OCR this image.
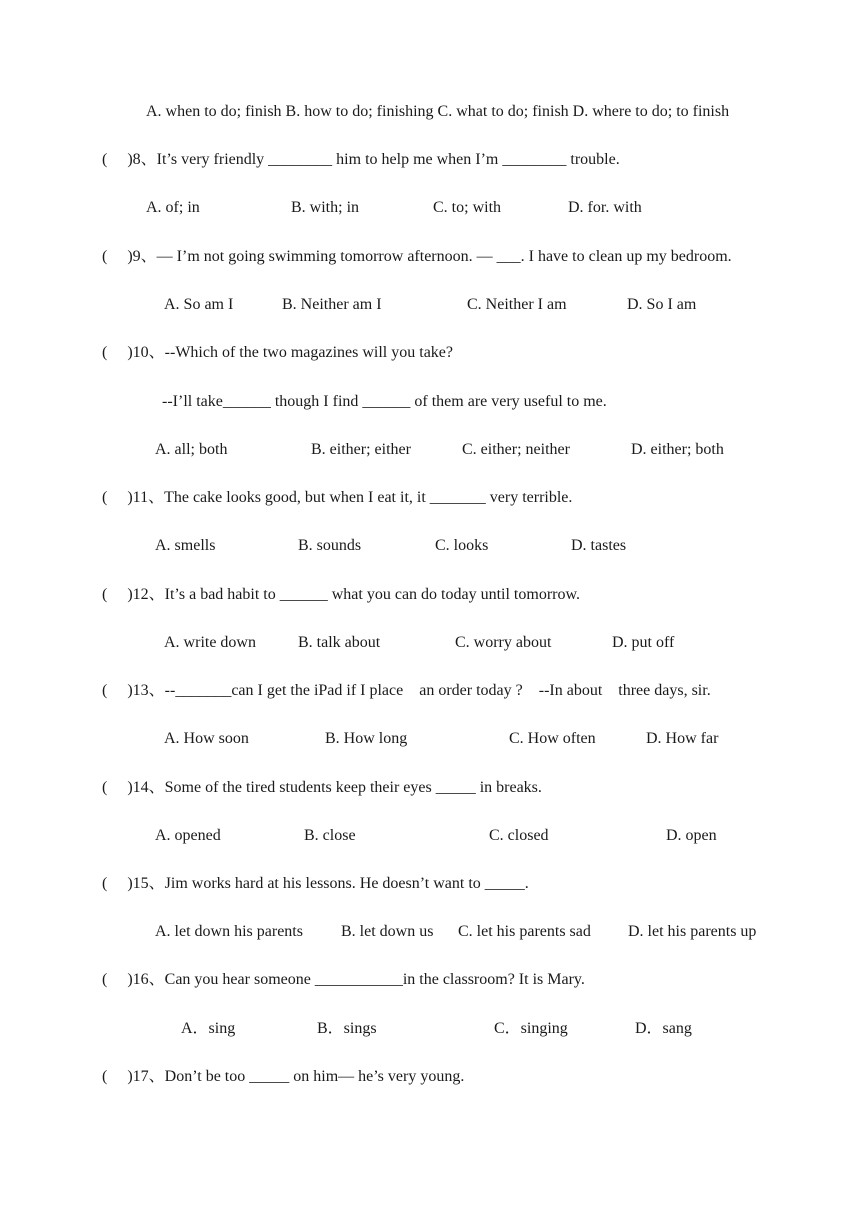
A. when to do; finish B. how to do; finishing C. what to do; finish D. where to do; to finish
(     )8、It’s very friendly ________ him to help me when I’m ________ trouble.
A. of; in	B. with; in	C. to; with	D. for. with
(     )9、— I’m not going swimming tomorrow afternoon. — ___. I have to clean up my bedroom.
A. So am I	B. Neither am I	C. Neither I am	D. So I am
(     )10、--Which of the two magazines will you take?
--I’ll take______ though I find ______ of them are very useful to me.
A. all; both	B. either; either	C. either; neither	D. either; both
(     )11、The cake looks good, but when I eat it, it _______ very terrible.
A. smells	B. sounds	C. looks	D. tastes
(     )12、It’s a bad habit to ______ what you can do today until tomorrow.
A. write down	B. talk about	C. worry about	D. put off
(     )13、--_______can I get the iPad if I place    an order today ?    --In about    three days, sir.
A. How soon	B. How long	C. How often	D. How far
(     )14、Some of the tired students keep their eyes _____ in breaks.
A. opened	B. close	C. closed	D. open
(     )15、Jim works hard at his lessons. He doesn’t want to _____.
A. let down his parents B. let down us C. let his parents sad D. let his parents up
(     )16、Can you hear someone ___________in the classroom? It is Mary.
A．sing	B．sings	C．singing	D．sang
(     )17、Don’t be too _____ on him— he’s very young.
